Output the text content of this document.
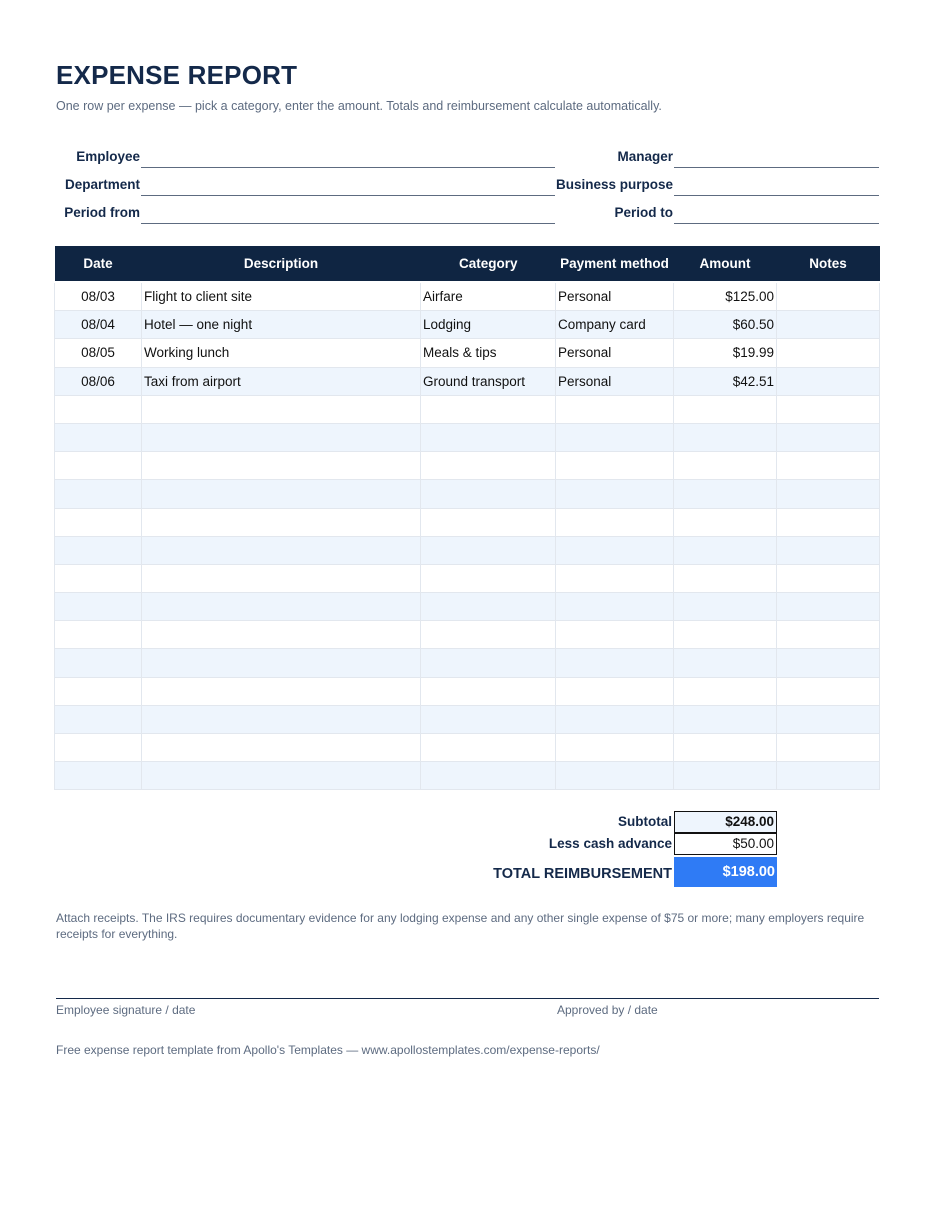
EXPENSE REPORT
One row per expense — pick a category, enter the amount. Totals and reimbursement calculate automatically.
Employee
Department
Period from
Manager
Business purpose
Period to
Date	Description	Category	Payment method	Amount	Notes
08/03	Flight to client site	Airfare	Personal	$125.00	
08/04	Hotel — one night	Lodging	Company card	$60.50	
08/05	Working lunch	Meals & tips	Personal	$19.99	
08/06	Taxi from airport	Ground transport	Personal	$42.51	

Subtotal	$248.00
Less cash advance	$50.00
TOTAL REIMBURSEMENT	$198.00
Attach receipts. The IRS requires documentary evidence for any lodging expense and any other single expense of $75 or more; many employers require receipts for everything.
Employee signature / date	Approved by / date
Free expense report template from Apollo's Templates — www.apollostemplates.com/expense-reports/
